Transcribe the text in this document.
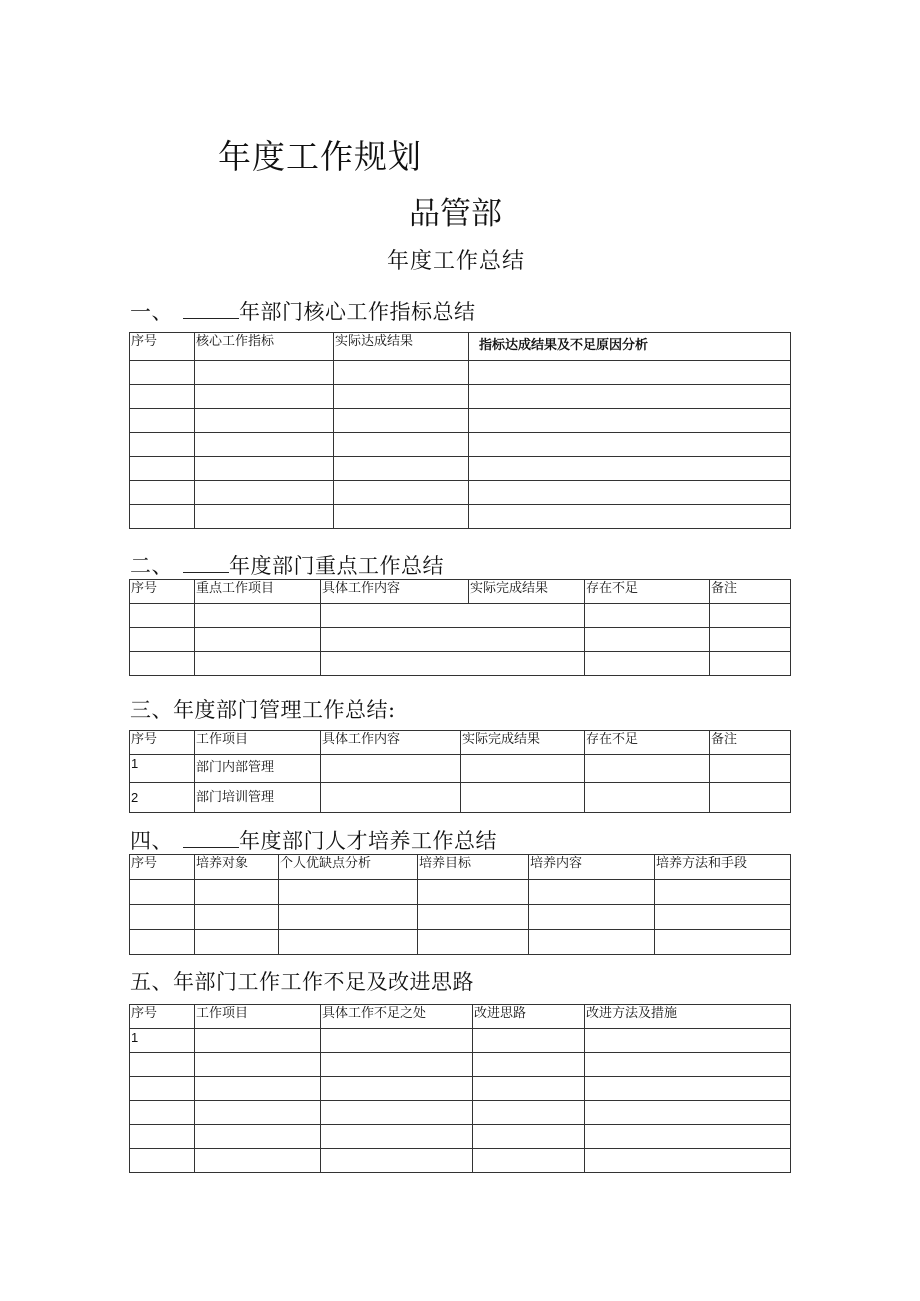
年度工作规划
品管部
年度工作总结
一、	年部门核心工作指标总结
序号	核心工作指标	实际达成结果	指标达成结果及不足原因分析

二、	年度部门重点工作总结
序号	重点工作项目	具体工作内容	实际完成结果	存在不足	备注

三、年度部门管理工作总结:
序号	工作项目	具体工作内容	实际完成结果	存在不足	备注
1	部门内部管理				
2	部门培训管理				
四、	年度部门人才培养工作总结
序号	培养对象	个人优缺点分析	培养目标	培养内容	培养方法和手段

五、年部门工作工作不足及改进思路
序号	工作项目	具体工作不足之处	改进思路	改进方法及措施
1				
